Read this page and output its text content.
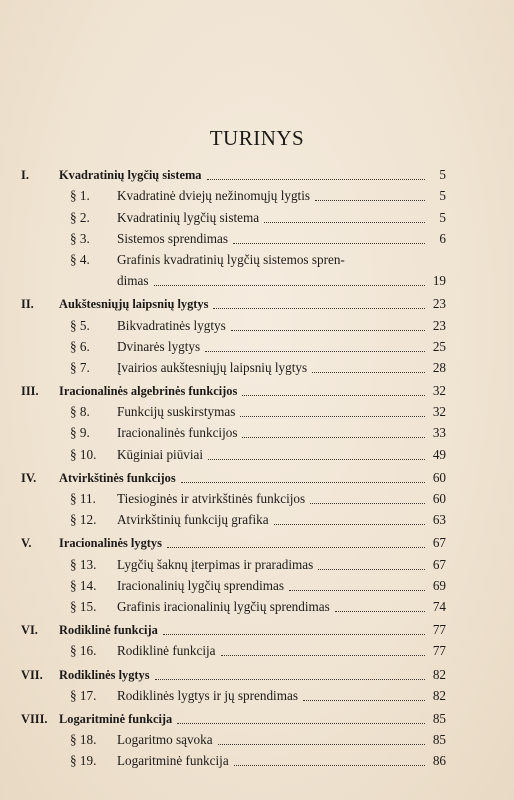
TURINYS
I.	Kvadratinių lygčių sistema	5
§ 1.	Kvadratinė dviejų nežinomųjų lygtis	5
§ 2.	Kvadratinių lygčių sistema	5
§ 3.	Sistemos sprendimas	6
§ 4.	Grafinis kvadratinių lygčių sistemos spren-
dimas	19
II.	Aukštesniųjų laipsnių lygtys	23
§ 5.	Bikvadratinės lygtys	23
§ 6.	Dvinarės lygtys	25
§ 7.	Įvairios aukštesniųjų laipsnių lygtys	28
III.	Iracionalinės algebrinės funkcijos	32
§ 8.	Funkcijų suskirstymas	32
§ 9.	Iracionalinės funkcijos	33
§ 10.	Kūginiai piūviai	49
IV.	Atvirkštinės funkcijos	60
§ 11.	Tiesioginės ir atvirkštinės funkcijos	60
§ 12.	Atvirkštinių funkcijų grafika	63
V.	Iracionalinės lygtys	67
§ 13.	Lygčių šaknų įterpimas ir praradimas	67
§ 14.	Iracionalinių lygčių sprendimas	69
§ 15.	Grafinis iracionalinių lygčių sprendimas	74
VI.	Rodiklinė funkcija	77
§ 16.	Rodiklinė funkcija	77
VII.	Rodiklinės lygtys	82
§ 17.	Rodiklinės lygtys ir jų sprendimas	82
VIII. Logaritminė funkcija	85
§ 18.	Logaritmo sąvoka	85
§ 19.	Logaritminė funkcija	86
